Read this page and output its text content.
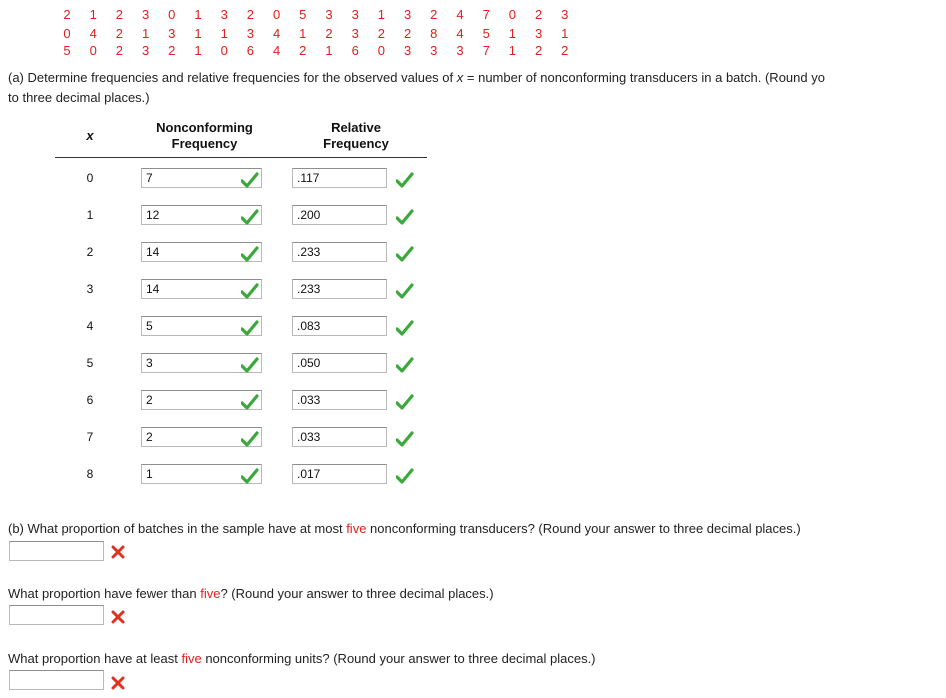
2	1	2	3	0	1	3	2	0	5	3	3	1	3	2	4	7	0	2	3
0	4	2	1	3	1	1	3	4	1	2	3	2	2	8	4	5	1	3	1
5	0	2	3	2	1	0	6	4	2	1	6	0	3	3	3	7	1	2	2
(a) Determine frequencies and relative frequencies for the observed values of x = number of nonconforming transducers in a batch. (Round yo
to three decimal places.)
x
Nonconforming
Frequency
Relative
Frequency
0	7	.117
1	12	.200
2	14	.233
3	14	.233
4	5	.083
5	3	.050
6	2	.033
7	2	.033
8	1	.017
(b) What proportion of batches in the sample have at most five nonconforming transducers? (Round your answer to three decimal places.)
What proportion have fewer than five? (Round your answer to three decimal places.)
What proportion have at least five nonconforming units? (Round your answer to three decimal places.)
